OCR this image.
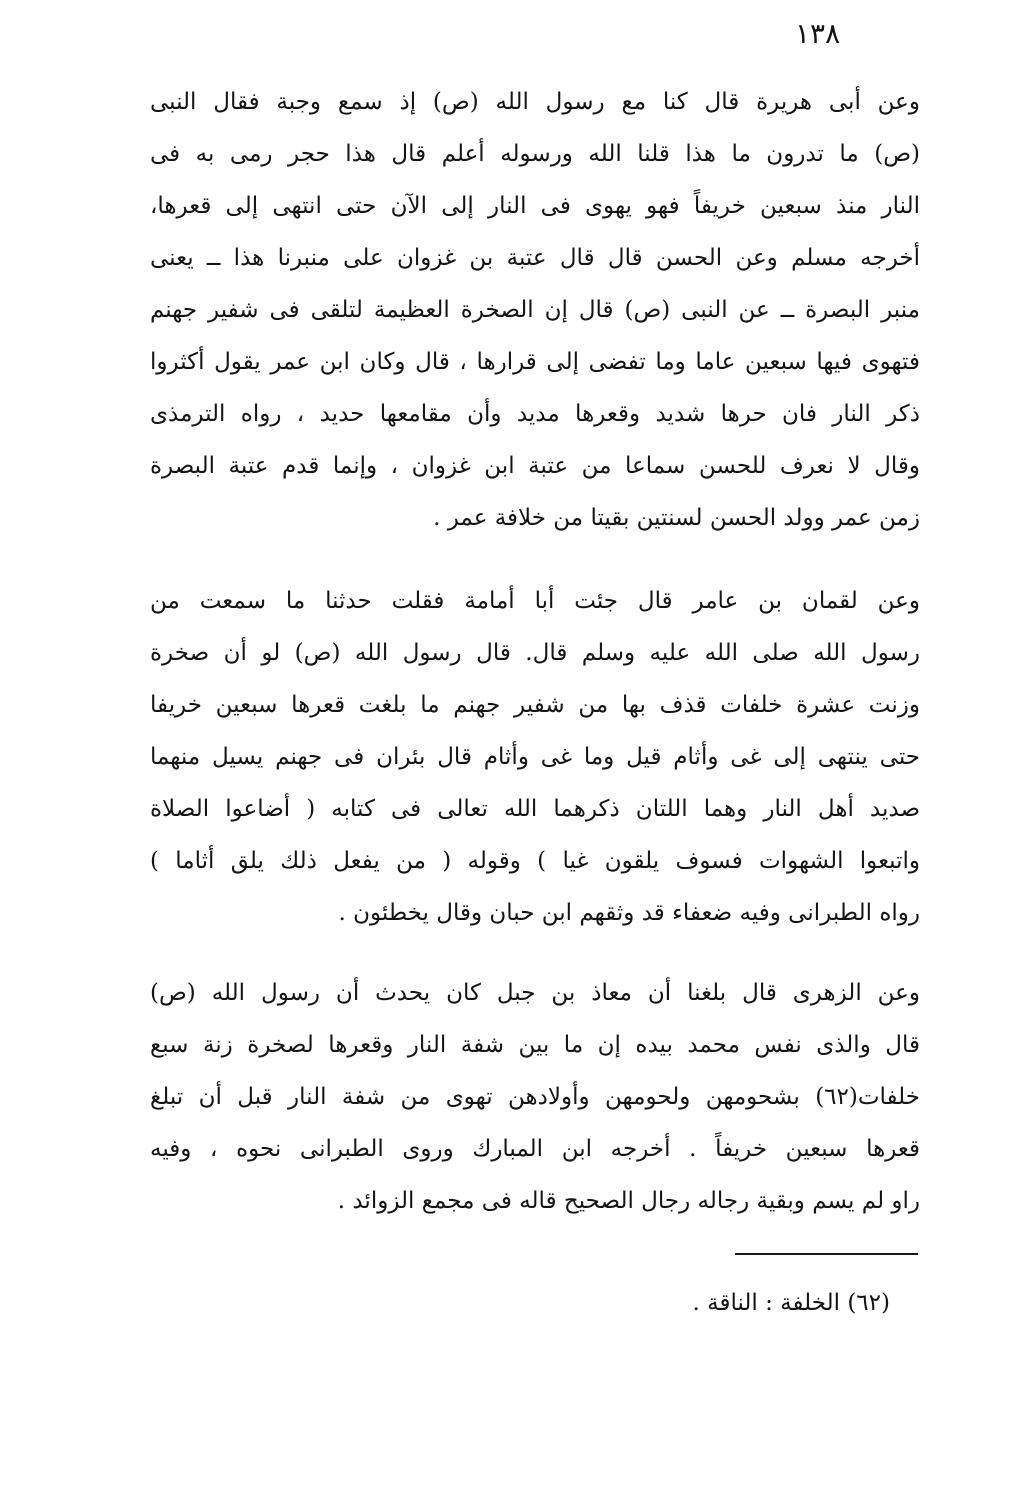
١٣٨
وعن أبى هريرة قال كنا مع رسول الله (ص) إذ سمع وجبة فقال النبى
(ص) ما تدرون ما هذا قلنا الله ورسوله أعلم قال هذا حجر رمى به فى
النار منذ سبعين خريفاً فهو يهوى فى النار إلى الآن حتى انتهى إلى قعرها،
أخرجه مسلم وعن الحسن قال قال عتبة بن غزوان على منبرنا هذا ــ يعنى
منبر البصرة ــ عن النبى (ص) قال إن الصخرة العظيمة لتلقى فى شفير جهنم
فتهوى فيها سبعين عاما وما تفضى إلى قرارها ، قال وكان ابن عمر يقول أكثروا
ذكر النار فان حرها شديد وقعرها مديد وأن مقامعها حديد ، رواه الترمذى
وقال لا نعرف للحسن سماعا من عتبة ابن غزوان ، وإنما قدم عتبة البصرة
زمن عمر وولد الحسن لسنتين بقيتا من خلافة عمر .
وعن لقمان بن عامر قال جئت أبا أمامة فقلت حدثنا ما سمعت من
رسول الله صلى الله عليه وسلم قال. قال رسول الله (ص) لو أن صخرة
وزنت عشرة خلفات قذف بها من شفير جهنم ما بلغت قعرها سبعين خريفا
حتى ينتهى إلى غى وأثام قيل وما غى وأثام قال بئران فى جهنم يسيل منهما
صديد أهل النار وهما اللتان ذكرهما الله تعالى فى كتابه ( أضاعوا الصلاة
واتبعوا الشهوات فسوف يلقون غيا ) وقوله ( من يفعل ذلك يلق أثاما )
رواه الطبرانى وفيه ضعفاء قد وثقهم ابن حبان وقال يخطئون .
وعن الزهرى قال بلغنا أن معاذ بن جبل كان يحدث أن رسول الله (ص)
قال والذى نفس محمد بيده إن ما بين شفة النار وقعرها لصخرة زنة سبع
خلفات(٦٢) بشحومهن ولحومهن وأولادهن تهوى من شفة النار قبل أن تبلغ
قعرها سبعين خريفاً . أخرجه ابن المبارك وروى الطبرانى نحوه ، وفيه
راو لم يسم وبقية رجاله رجال الصحيح قاله فى مجمع الزوائد .
(٦٢) الخلفة : الناقة .
